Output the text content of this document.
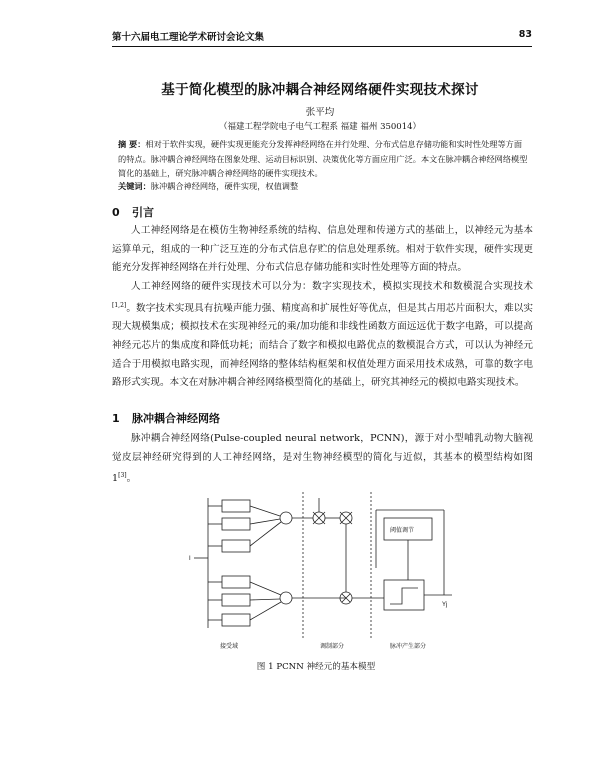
第十六届电工理论学术研讨会论文集	83
基于简化模型的脉冲耦合神经网络硬件实现技术探讨
张平均
（福建工程学院电子电气工程系 福建 福州 350014）
摘 要：相对于软件实现，硬件实现更能充分发挥神经网络在并行处理、分布式信息存储功能和实时性处理等方面的特点。脉冲耦合神经网络在图象处理、运动目标识别、决策优化等方面应用广泛。本文在脉冲耦合神经网络模型简化的基础上，研究脉冲耦合神经网络的硬件实现技术。
关键词：脉冲耦合神经网络，硬件实现，权值调整
0 引言
人工神经网络是在模仿生物神经系统的结构、信息处理和传递方式的基础上，以神经元为基本运算单元，组成的一种广泛互连的分布式信息存贮的信息处理系统。相对于软件实现，硬件实现更能充分发挥神经网络在并行处理、分布式信息存储功能和实时性处理等方面的特点。
人工神经网络的硬件实现技术可以分为：数字实现技术，模拟实现技术和数模混合实现技术[1,2]。数字技术实现具有抗噪声能力强、精度高和扩展性好等优点，但是其占用芯片面积大，难以实现大规模集成；模拟技术在实现神经元的乘/加功能和非线性函数方面远远优于数字电路，可以提高神经元芯片的集成度和降低功耗；而结合了数字和模拟电路优点的数模混合方式，可以认为神经元适合于用模拟电路实现，而神经网络的整体结构框架和权值处理方面采用技术成熟，可靠的数字电路形式实现。本文在对脉冲耦合神经网络模型简化的基础上，研究其神经元的模拟电路实现技术。
1 脉冲耦合神经网络
脉冲耦合神经网络(Pulse-coupled neural network，PCNN)，源于对小型哺乳动物大脑视觉皮层神经研究得到的人工神经网络，是对生物神经模型的简化与近似，其基本的模型结构如图 1[3]。
I
阈值调节
Yj
接受域	调制部分	脉冲产生部分
图 1 PCNN 神经元的基本模型
